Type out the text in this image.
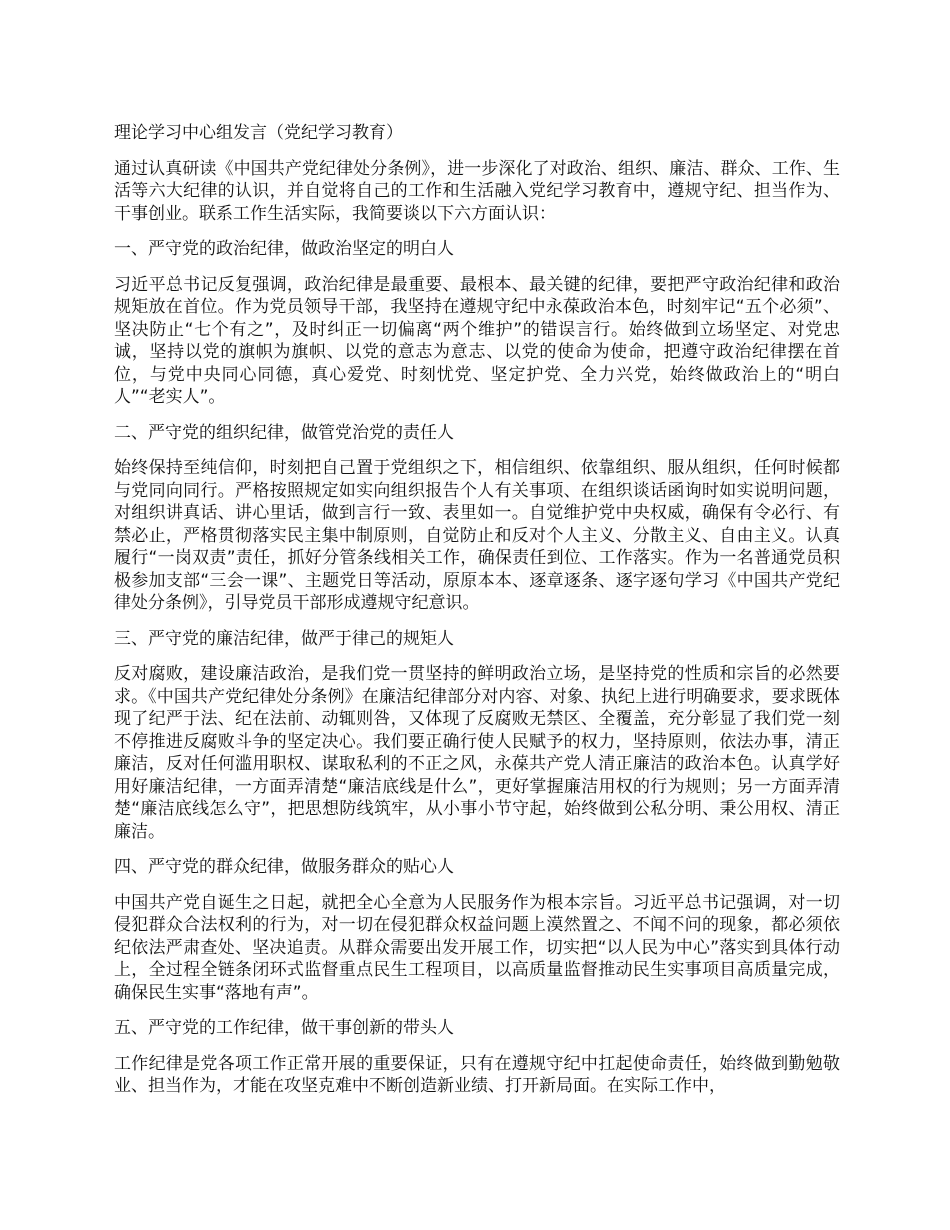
理论学习中心组发言（党纪学习教育）

通过认真研读《中国共产党纪律处分条例》，进一步深化了对政治、组织、廉洁、群众、工作、生活等六大纪律的认识，并自觉将自己的工作和生活融入党纪学习教育中，遵规守纪、担当作为、干事创业。联系工作生活实际，我简要谈以下六方面认识：

一、严守党的政治纪律，做政治坚定的明白人

习近平总书记反复强调，政治纪律是最重要、最根本、最关键的纪律，要把严守政治纪律和政治规矩放在首位。作为党员领导干部，我坚持在遵规守纪中永葆政治本色，时刻牢记“五个必须”、坚决防止“七个有之”，及时纠正一切偏离“两个维护”的错误言行。始终做到立场坚定、对党忠诚，坚持以党的旗帜为旗帜、以党的意志为意志、以党的使命为使命，把遵守政治纪律摆在首位，与党中央同心同德，真心爱党、时刻忧党、坚定护党、全力兴党，始终做政治上的“明白人”“老实人”。

二、严守党的组织纪律，做管党治党的责任人

始终保持至纯信仰，时刻把自己置于党组织之下，相信组织、依靠组织、服从组织，任何时候都与党同向同行。严格按照规定如实向组织报告个人有关事项、在组织谈话函询时如实说明问题，对组织讲真话、讲心里话，做到言行一致、表里如一。自觉维护党中央权威，确保有令必行、有禁必止，严格贯彻落实民主集中制原则，自觉防止和反对个人主义、分散主义、自由主义。认真履行“一岗双责”责任，抓好分管条线相关工作，确保责任到位、工作落实。作为一名普通党员积极参加支部“三会一课”、主题党日等活动，原原本本、逐章逐条、逐字逐句学习《中国共产党纪律处分条例》，引导党员干部形成遵规守纪意识。

三、严守党的廉洁纪律，做严于律己的规矩人

反对腐败，建设廉洁政治，是我们党一贯坚持的鲜明政治立场，是坚持党的性质和宗旨的必然要求。《中国共产党纪律处分条例》在廉洁纪律部分对内容、对象、执纪上进行明确要求，要求既体现了纪严于法、纪在法前、动辄则咎，又体现了反腐败无禁区、全覆盖，充分彰显了我们党一刻不停推进反腐败斗争的坚定决心。我们要正确行使人民赋予的权力，坚持原则，依法办事，清正廉洁，反对任何滥用职权、谋取私利的不正之风，永葆共产党人清正廉洁的政治本色。认真学好用好廉洁纪律，一方面弄清楚“廉洁底线是什么”，更好掌握廉洁用权的行为规则；另一方面弄清楚“廉洁底线怎么守”，把思想防线筑牢，从小事小节守起，始终做到公私分明、秉公用权、清正廉洁。

四、严守党的群众纪律，做服务群众的贴心人

中国共产党自诞生之日起，就把全心全意为人民服务作为根本宗旨。习近平总书记强调，对一切侵犯群众合法权利的行为，对一切在侵犯群众权益问题上漠然置之、不闻不问的现象，都必须依纪依法严肃查处、坚决追责。从群众需要出发开展工作，切实把“以人民为中心”落实到具体行动上，全过程全链条闭环式监督重点民生工程项目，以高质量监督推动民生实事项目高质量完成，确保民生实事“落地有声”。

五、严守党的工作纪律，做干事创新的带头人

工作纪律是党各项工作正常开展的重要保证，只有在遵规守纪中扛起使命责任，始终做到勤勉敬业、担当作为，才能在攻坚克难中不断创造新业绩、打开新局面。在实际工作中，
